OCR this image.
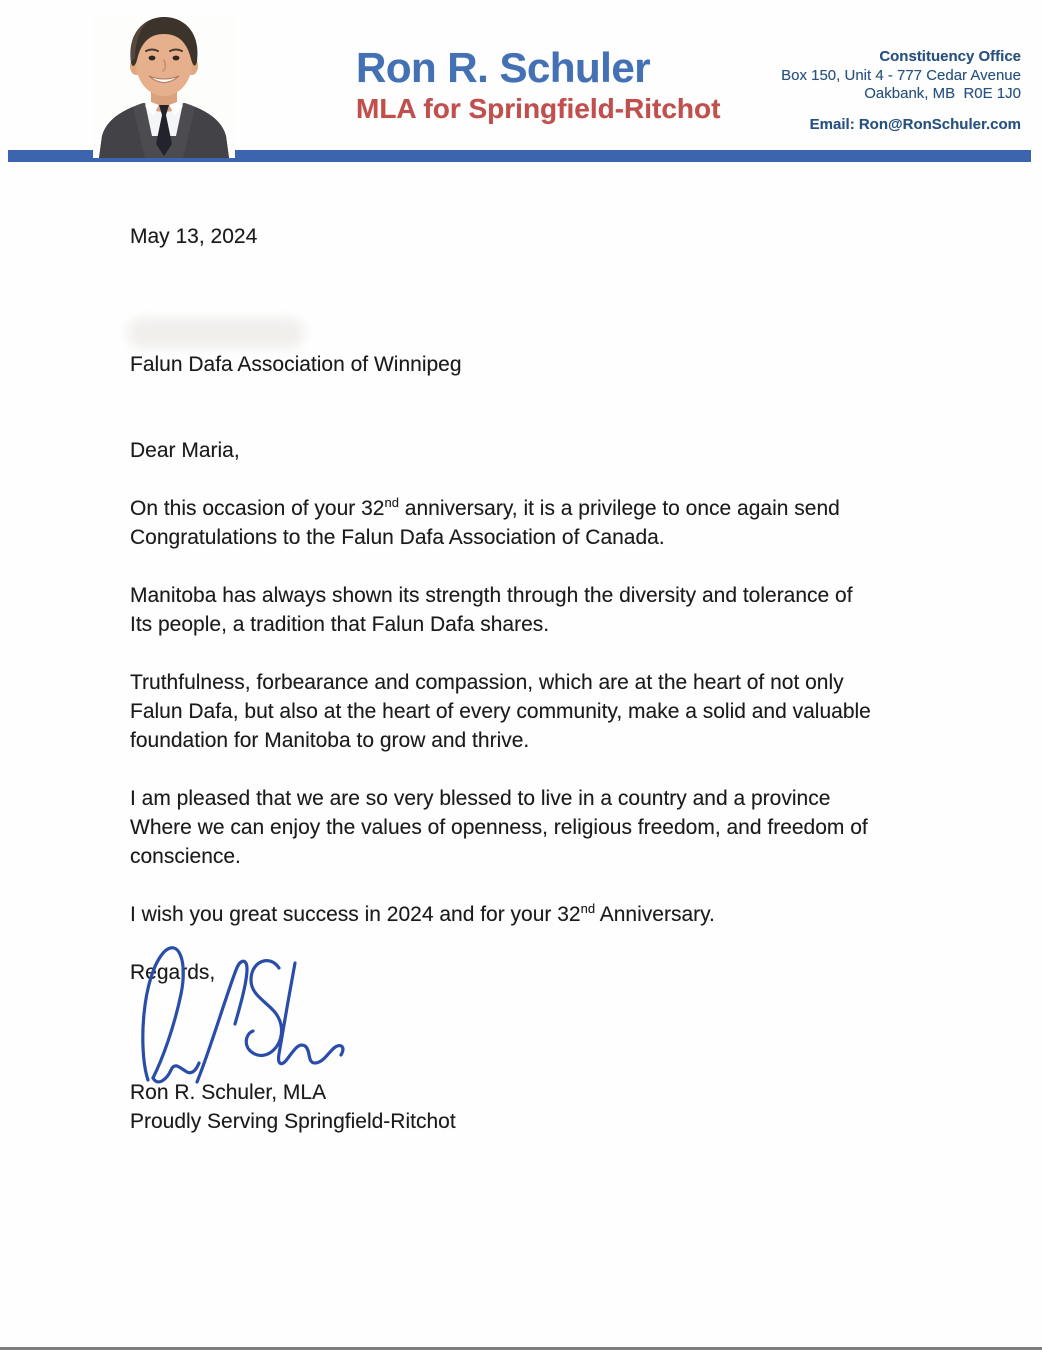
Ron R. Schuler
MLA for Springfield-Ritchot
Constituency Office
Box 150, Unit 4 - 777 Cedar Avenue
Oakbank, MB  R0E 1J0
Email: Ron@RonSchuler.com
May 13, 2024
Falun Dafa Association of Winnipeg
Dear Maria,
On this occasion of your 32nd anniversary, it is a privilege to once again send
Congratulations to the Falun Dafa Association of Canada.
Manitoba has always shown its strength through the diversity and tolerance of
Its people, a tradition that Falun Dafa shares.
Truthfulness, forbearance and compassion, which are at the heart of not only
Falun Dafa, but also at the heart of every community, make a solid and valuable
foundation for Manitoba to grow and thrive.
I am pleased that we are so very blessed to live in a country and a province
Where we can enjoy the values of openness, religious freedom, and freedom of
conscience.
I wish you great success in 2024 and for your 32nd Anniversary.
Regards,
Ron R. Schuler, MLA
Proudly Serving Springfield-Ritchot
